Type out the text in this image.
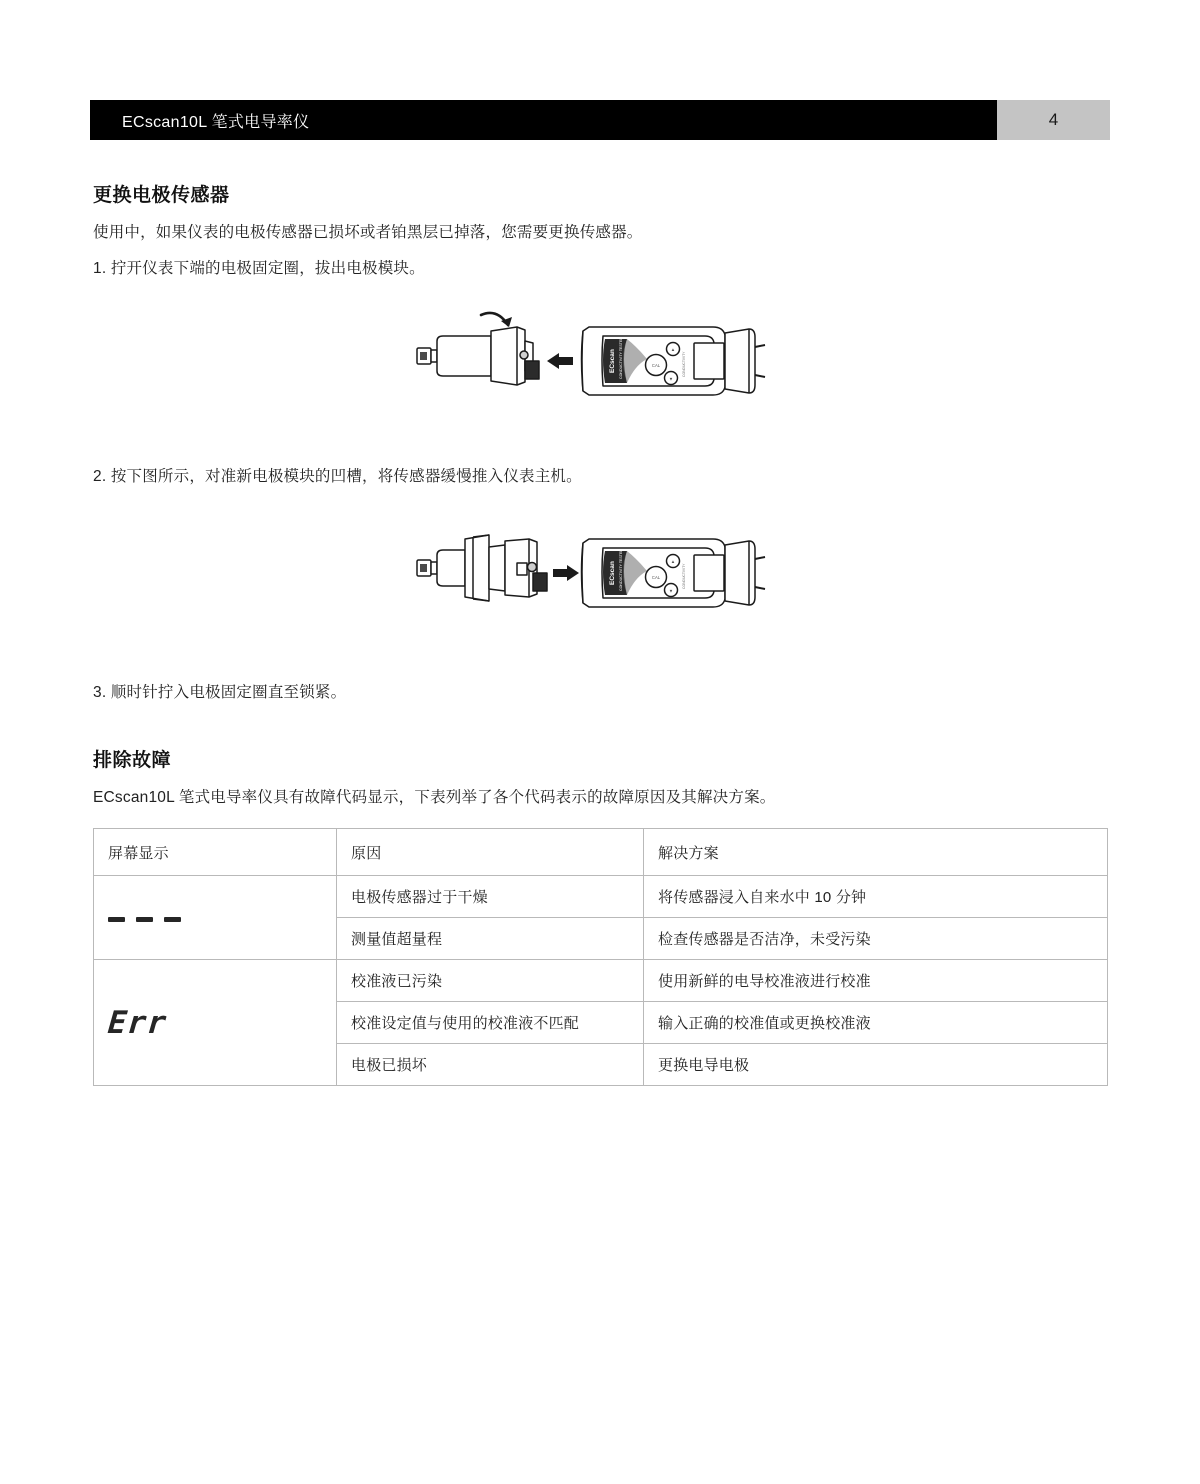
ECscan10L 笔式电导率仪	4
更换电极传感器

使用中，如果仪表的电极传感器已损坏或者铂黑层已掉落，您需要更换传感器。

1. 拧开仪表下端的电极固定圈，拔出电极模块。

ECscan CONDUCTIVITY TESTER	CAL
▲
▼
CONDUCTIVITY

2. 按下图所示，对准新电极模块的凹槽，将传感器缓慢推入仪表主机。

ECscan CONDUCTIVITY TESTER	CAL
▲
▼
CONDUCTIVITY

3. 顺时针拧入电极固定圈直至锁紧。

排除故障

ECscan10L 笔式电导率仪具有故障代码显示，下表列举了各个代码表示的故障原因及其解决方案。

屏幕显示	原因	解决方案

	电极传感器过于干燥	将传感器浸入自来水中 10 分钟
	测量值超量程	检查传感器是否洁净，未受污染
Err	校准液已污染	使用新鲜的电导校准液进行校准
	校准设定值与使用的校准液不匹配	输入正确的校准值或更换校准液
	电极已损坏	更换电导电极
